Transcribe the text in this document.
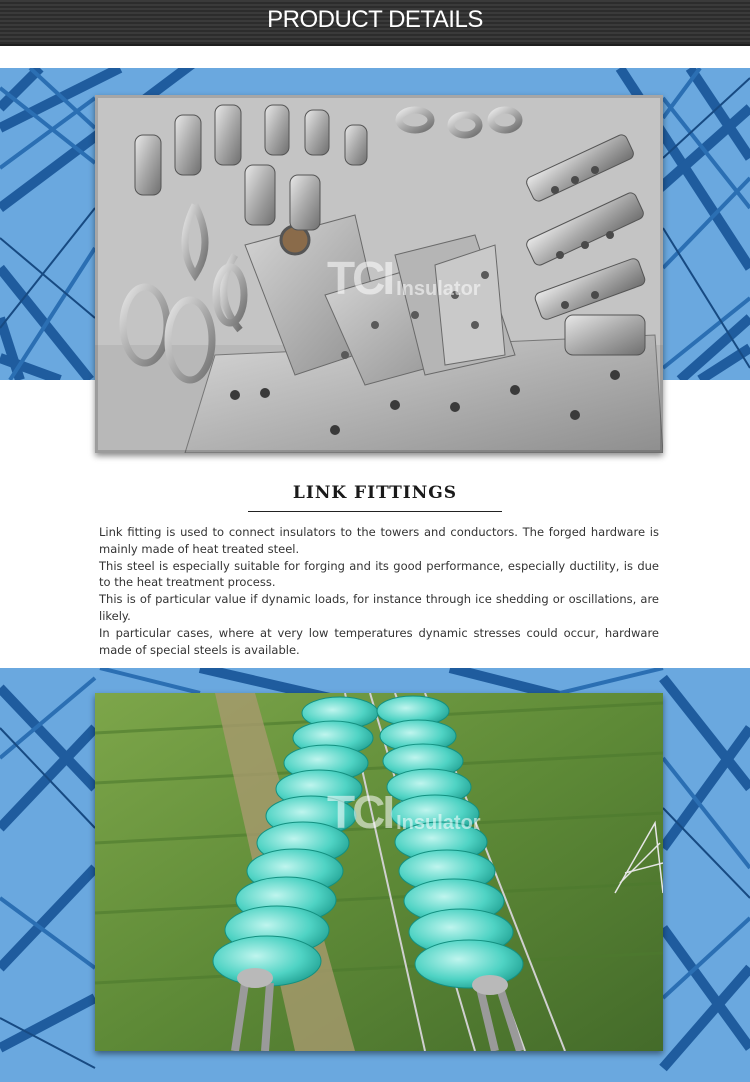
PRODUCT DETAILS
TCI Insulator
LINK FITTINGS

Link fitting is used to connect insulators to the towers and conductors. The forged hardware is mainly made of heat treated steel.

This steel is especially suitable for forging and its good performance, especially ductility, is due to the heat treatment process.

This is of particular value if dynamic loads, for instance through ice shedding or oscillations, are likely.

In particular cases, where at very low temperatures dynamic stresses could occur, hardware made of special steels is available.

TCI Insulator
